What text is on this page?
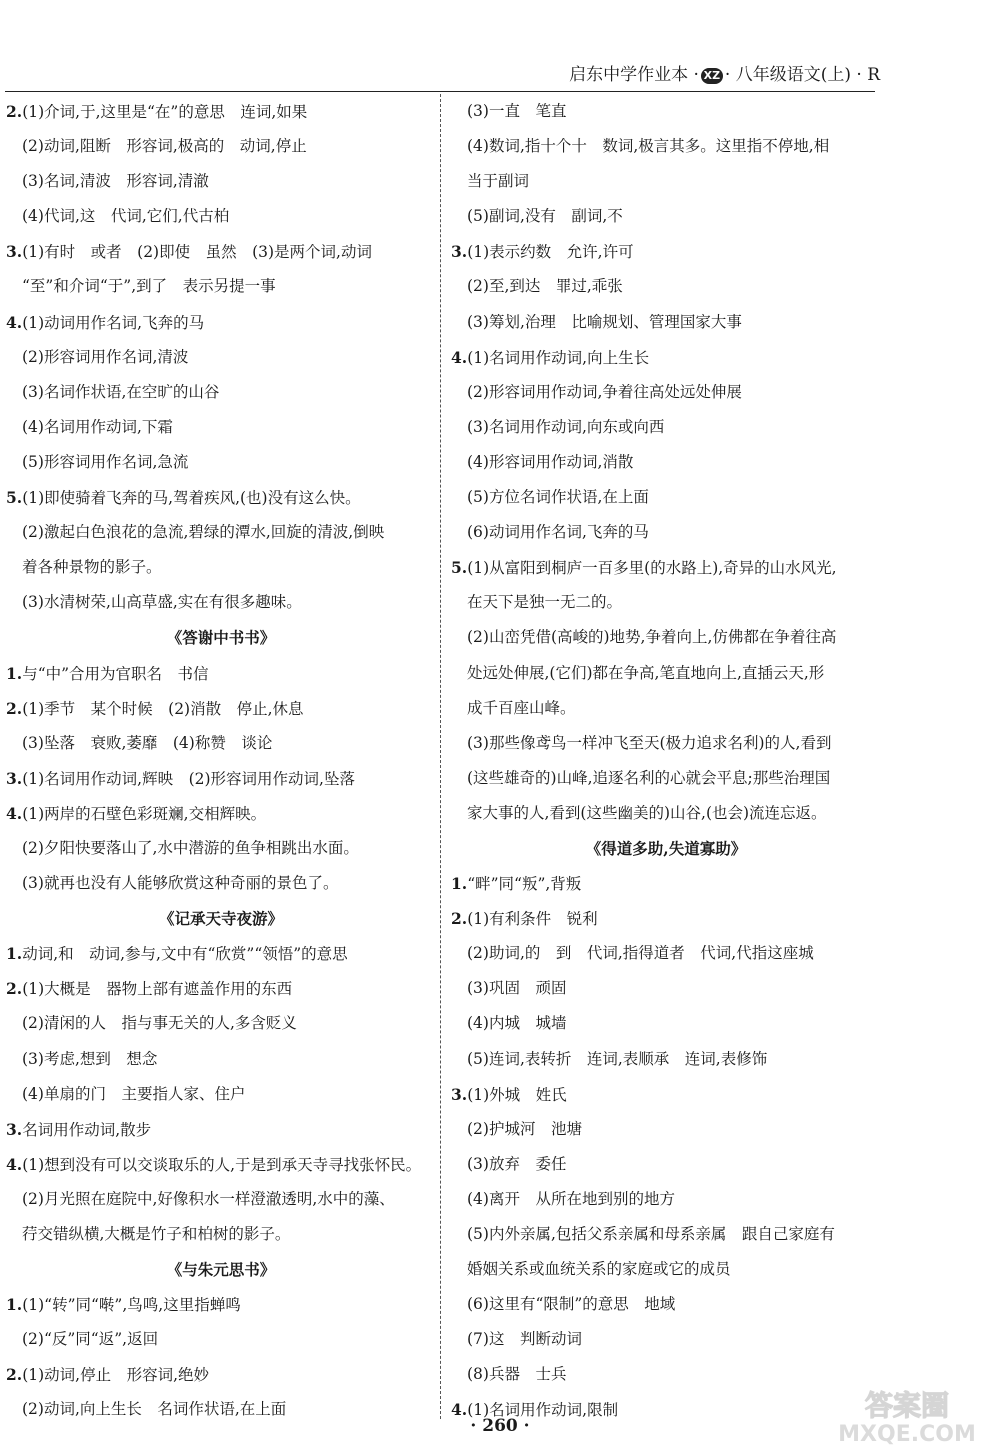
启东中学作业本 · XZ · 八年级语文(上) · R
2.(1)介词,于,这里是“在”的意思　连词,如果
(2)动词,阻断　形容词,极高的　动词,停止
(3)名词,清波　形容词,清澈
(4)代词,这　代词,它们,代古柏
3.(1)有时　或者　(2)即使　虽然　(3)是两个词,动词
“至”和介词“于”,到了　表示另提一事
4.(1)动词用作名词,飞奔的马
(2)形容词用作名词,清波
(3)名词作状语,在空旷的山谷
(4)名词用作动词,下霜
(5)形容词用作名词,急流
5.(1)即使骑着飞奔的马,驾着疾风,(也)没有这么快。
(2)激起白色浪花的急流,碧绿的潭水,回旋的清波,倒映
着各种景物的影子。
(3)水清树荣,山高草盛,实在有很多趣味。
《答谢中书书》
1.与“中”合用为官职名　书信
2.(1)季节　某个时候　(2)消散　停止,休息
(3)坠落　衰败,萎靡　(4)称赞　谈论
3.(1)名词用作动词,辉映　(2)形容词用作动词,坠落
4.(1)两岸的石壁色彩斑斓,交相辉映。
(2)夕阳快要落山了,水中潜游的鱼争相跳出水面。
(3)就再也没有人能够欣赏这种奇丽的景色了。
《记承天寺夜游》
1.动词,和　动词,参与,文中有“欣赏”“领悟”的意思
2.(1)大概是　器物上部有遮盖作用的东西
(2)清闲的人　指与事无关的人,多含贬义
(3)考虑,想到　想念
(4)单扇的门　主要指人家、住户
3.名词用作动词,散步
4.(1)想到没有可以交谈取乐的人,于是到承天寺寻找张怀民。
(2)月光照在庭院中,好像积水一样澄澈透明,水中的藻、
荇交错纵横,大概是竹子和柏树的影子。
《与朱元思书》
1.(1)“转”同“啭”,鸟鸣,这里指蝉鸣
(2)“反”同“返”,返回
2.(1)动词,停止　形容词,绝妙
(2)动词,向上生长　名词作状语,在上面
(3)一直　笔直
(4)数词,指十个十　数词,极言其多。这里指不停地,相
当于副词
(5)副词,没有　副词,不
3.(1)表示约数　允许,许可
(2)至,到达　罪过,乖张
(3)筹划,治理　比喻规划、管理国家大事
4.(1)名词用作动词,向上生长
(2)形容词用作动词,争着往高处远处伸展
(3)名词用作动词,向东或向西
(4)形容词用作动词,消散
(5)方位名词作状语,在上面
(6)动词用作名词,飞奔的马
5.(1)从富阳到桐庐一百多里(的水路上),奇异的山水风光,
在天下是独一无二的。
(2)山峦凭借(高峻的)地势,争着向上,仿佛都在争着往高
处远处伸展,(它们)都在争高,笔直地向上,直插云天,形
成千百座山峰。
(3)那些像鸢鸟一样冲飞至天(极力追求名利)的人,看到
(这些雄奇的)山峰,追逐名利的心就会平息;那些治理国
家大事的人,看到(这些幽美的)山谷,(也会)流连忘返。
《得道多助,失道寡助》
1.“畔”同“叛”,背叛
2.(1)有利条件　锐利
(2)助词,的　到　代词,指得道者　代词,代指这座城
(3)巩固　顽固
(4)内城　城墙
(5)连词,表转折　连词,表顺承　连词,表修饰
3.(1)外城　姓氏
(2)护城河　池塘
(3)放弃　委任
(4)离开　从所在地到别的地方
(5)内外亲属,包括父系亲属和母系亲属　跟自己家庭有
婚姻关系或血统关系的家庭或它的成员
(6)这里有“限制”的意思　地域
(7)这　判断动词
(8)兵器　士兵
4.(1)名词用作动词,限制
· 260 ·
答案圈
MXQE.COM
